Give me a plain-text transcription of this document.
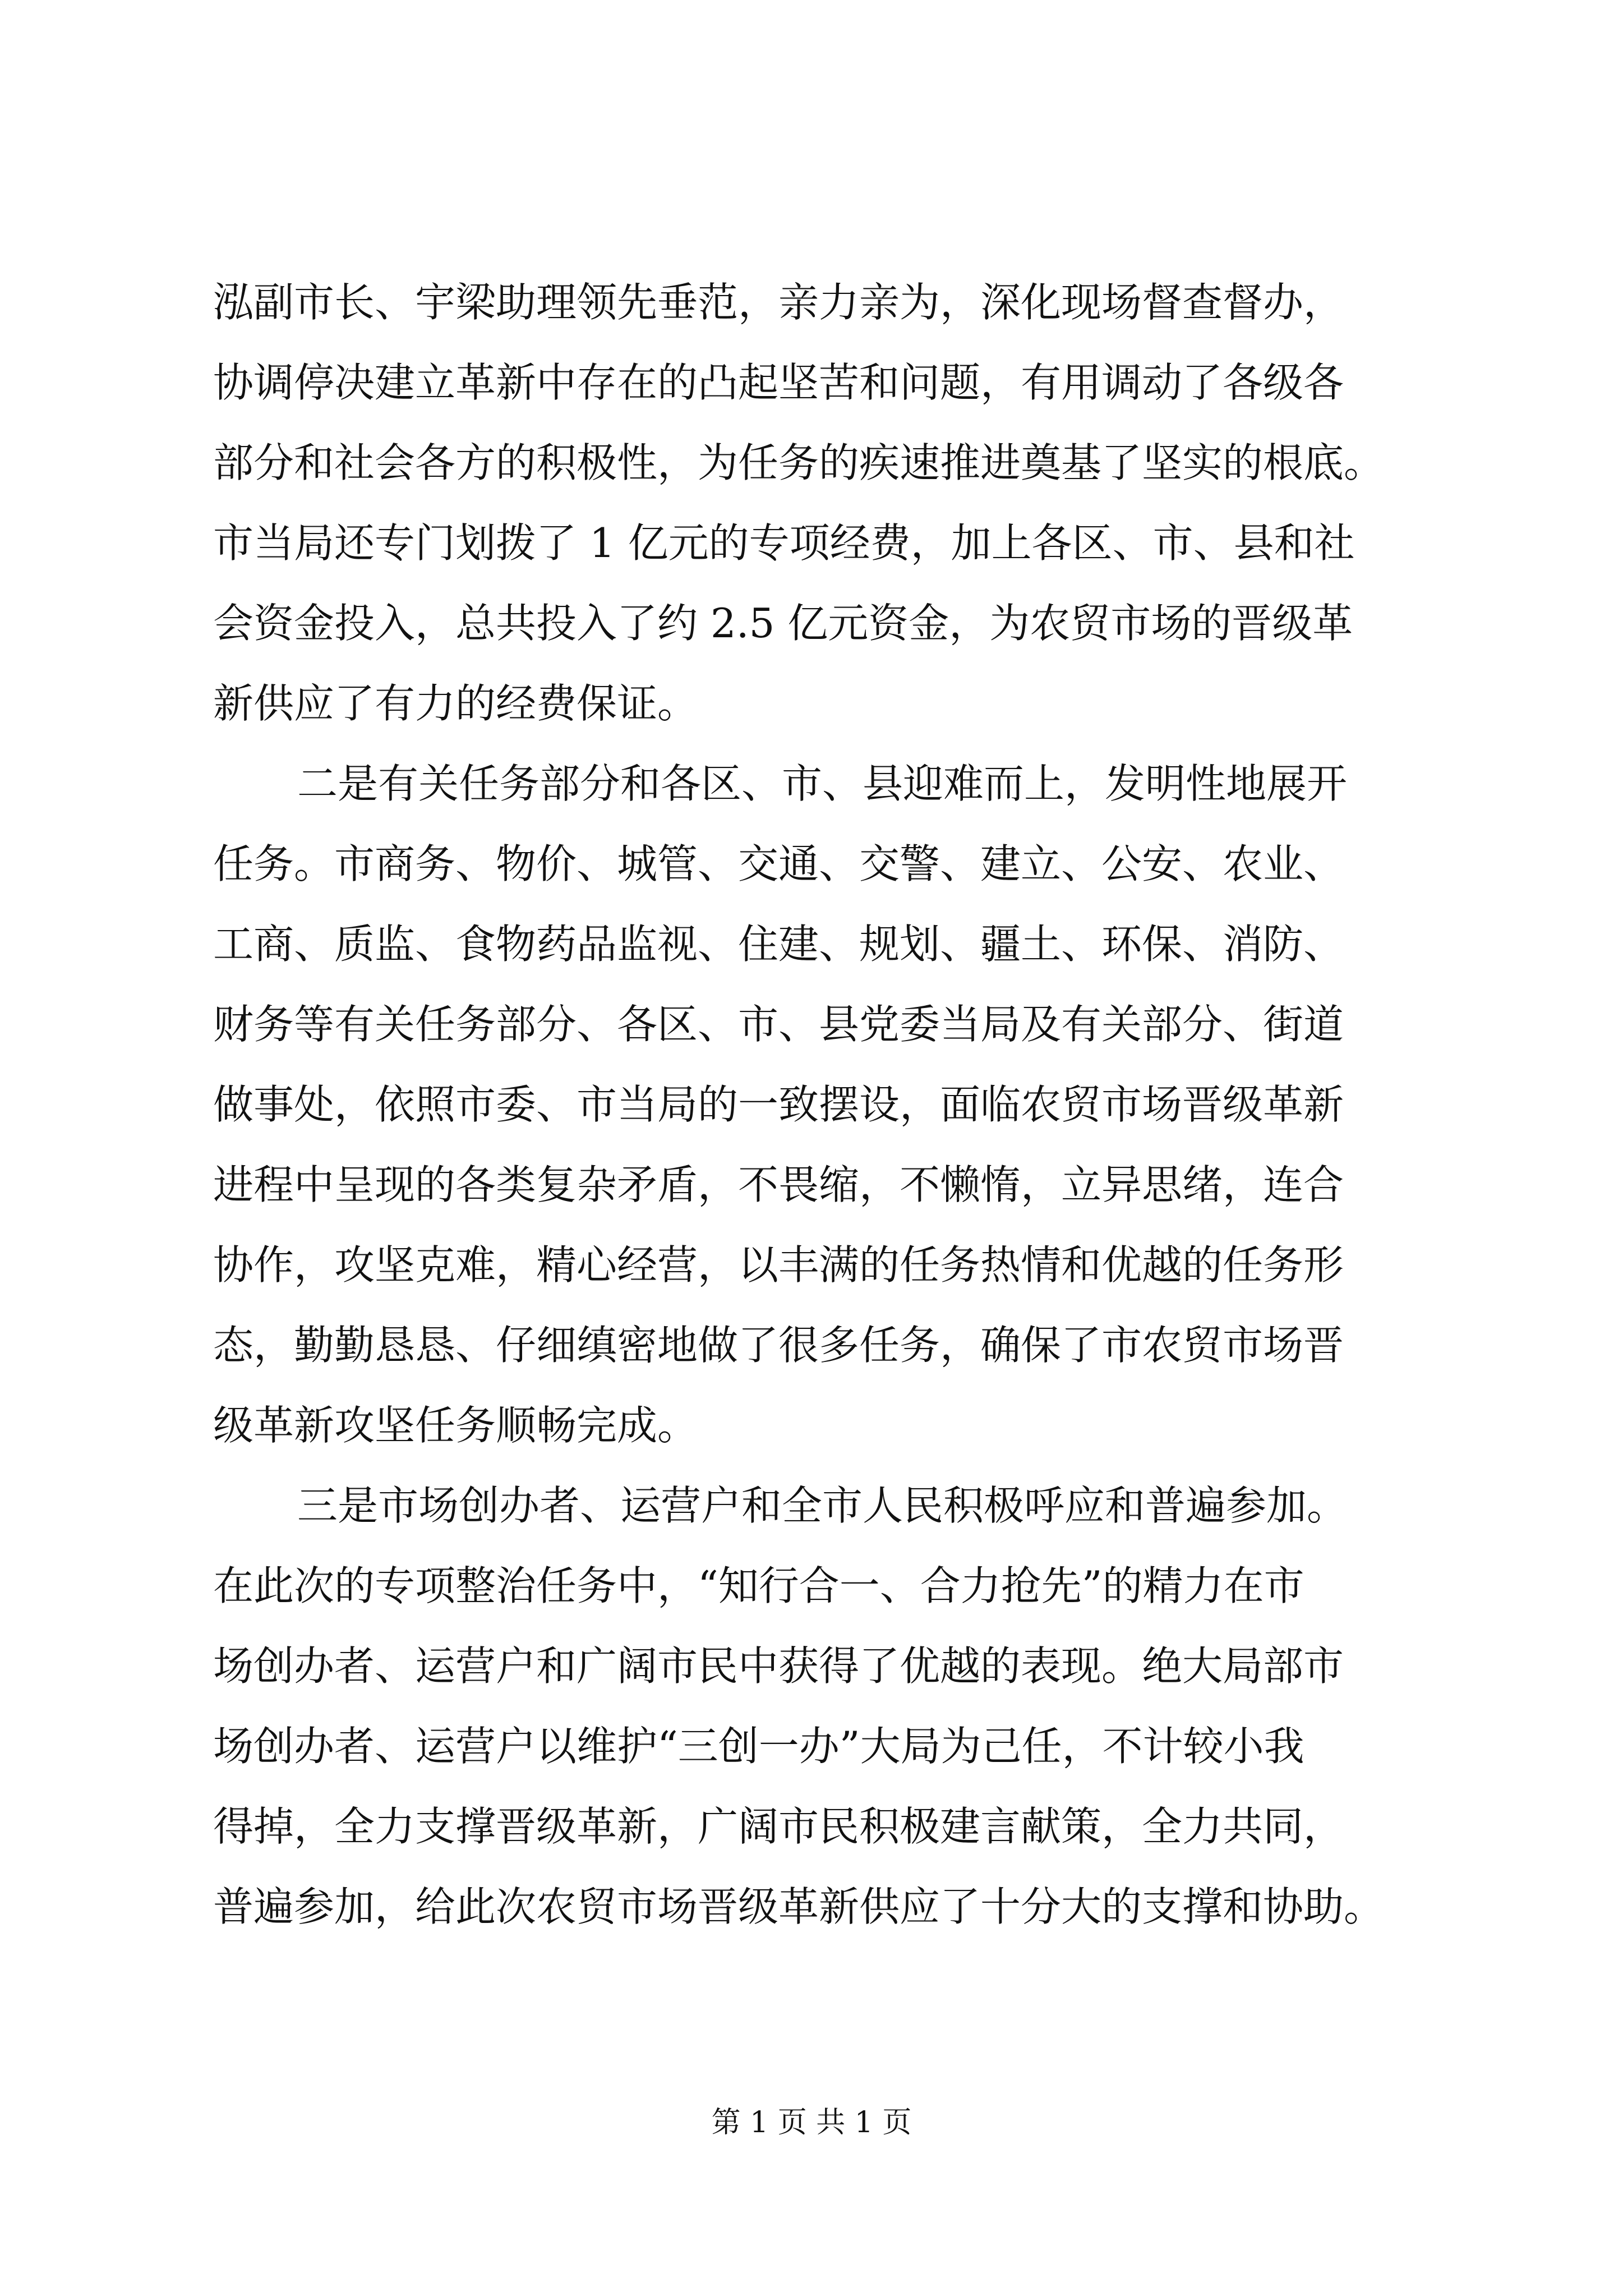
泓副市长、宇梁助理领先垂范，亲力亲为，深化现场督查督办，
协调停决建立革新中存在的凸起坚苦和问题，有用调动了各级各
部分和社会各方的积极性，为任务的疾速推进奠基了坚实的根底。
市当局还专门划拨了 1 亿元的专项经费，加上各区、市、县和社
会资金投入，总共投入了约 2.5 亿元资金，为农贸市场的晋级革
新供应了有力的经费保证。
二是有关任务部分和各区、市、县迎难而上，发明性地展开
任务。市商务、物价、城管、交通、交警、建立、公安、农业、
工商、质监、食物药品监视、住建、规划、疆土、环保、消防、
财务等有关任务部分、各区、市、县党委当局及有关部分、街道
做事处，依照市委、市当局的一致摆设，面临农贸市场晋级革新
进程中呈现的各类复杂矛盾，不畏缩，不懒惰，立异思绪，连合
协作，攻坚克难，精心经营，以丰满的任务热情和优越的任务形
态，勤勤恳恳、仔细缜密地做了很多任务，确保了市农贸市场晋
级革新攻坚任务顺畅完成。
三是市场创办者、运营户和全市人民积极呼应和普遍参加。
在此次的专项整治任务中，“知行合一、合力抢先”的精力在市
场创办者、运营户和广阔市民中获得了优越的表现。绝大局部市
场创办者、运营户以维护“三创一办”大局为己任，不计较小我
得掉，全力支撑晋级革新，广阔市民积极建言献策，全力共同，
普遍参加，给此次农贸市场晋级革新供应了十分大的支撑和协助。
第 1 页 共 1 页
